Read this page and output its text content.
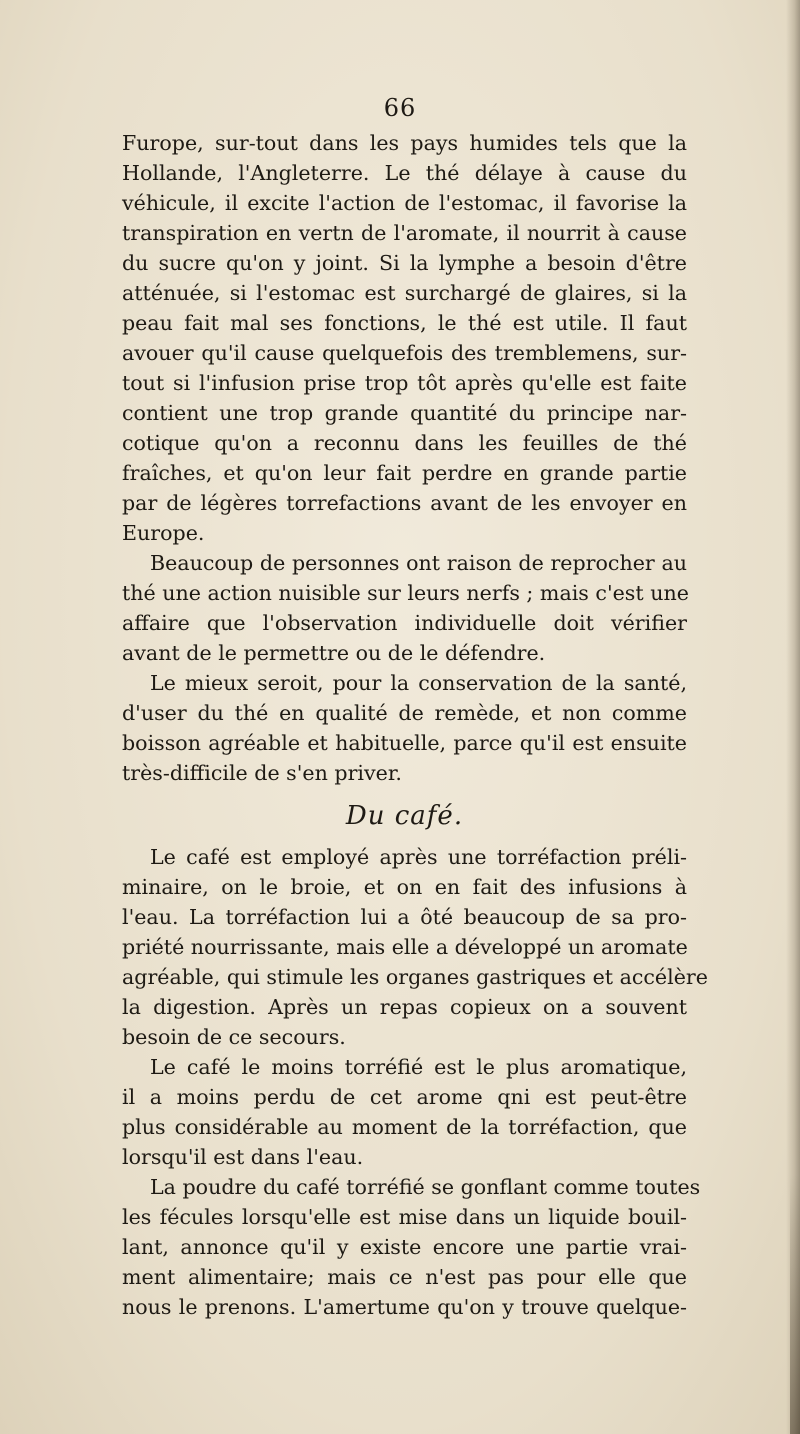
66
Furope, sur-tout dans les pays humides tels que la
Hollande, l'Angleterre. Le thé délaye à cause du
véhicule, il excite l'action de l'estomac, il favorise la
transpiration en vertn de l'aromate, il nourrit à cause
du sucre qu'on y joint. Si la lymphe a besoin d'être
atténuée, si l'estomac est surchargé de glaires, si la
peau fait mal ses fonctions, le thé est utile. Il faut
avouer qu'il cause quelquefois des tremblemens, sur-
tout si l'infusion prise trop tôt après qu'elle est faite
contient une trop grande quantité du principe nar-
cotique qu'on a reconnu dans les feuilles de thé
fraîches, et qu'on leur fait perdre en grande partie
par de légères torrefactions avant de les envoyer en
Europe.
Beaucoup de personnes ont raison de reprocher au
thé une action nuisible sur leurs nerfs ; mais c'est une
affaire que l'observation individuelle doit vérifier
avant de le permettre ou de le défendre.
Le mieux seroit, pour la conservation de la santé,
d'user du thé en qualité de remède, et non comme
boisson agréable et habituelle, parce qu'il est ensuite
très-difficile de s'en priver.
Du café.
Le café est employé après une torréfaction préli-
minaire, on le broie, et on en fait des infusions à
l'eau. La torréfaction lui a ôté beaucoup de sa pro-
priété nourrissante, mais elle a développé un aromate
agréable, qui stimule les organes gastriques et accélère
la digestion. Après un repas copieux on a souvent
besoin de ce secours.
Le café le moins torréfié est le plus aromatique,
il a moins perdu de cet arome qni est peut-être
plus considérable au moment de la torréfaction, que
lorsqu'il est dans l'eau.
La poudre du café torréfié se gonflant comme toutes
les fécules lorsqu'elle est mise dans un liquide bouil-
lant, annonce qu'il y existe encore une partie vrai-
ment alimentaire; mais ce n'est pas pour elle que
nous le prenons. L'amertume qu'on y trouve quelque-
